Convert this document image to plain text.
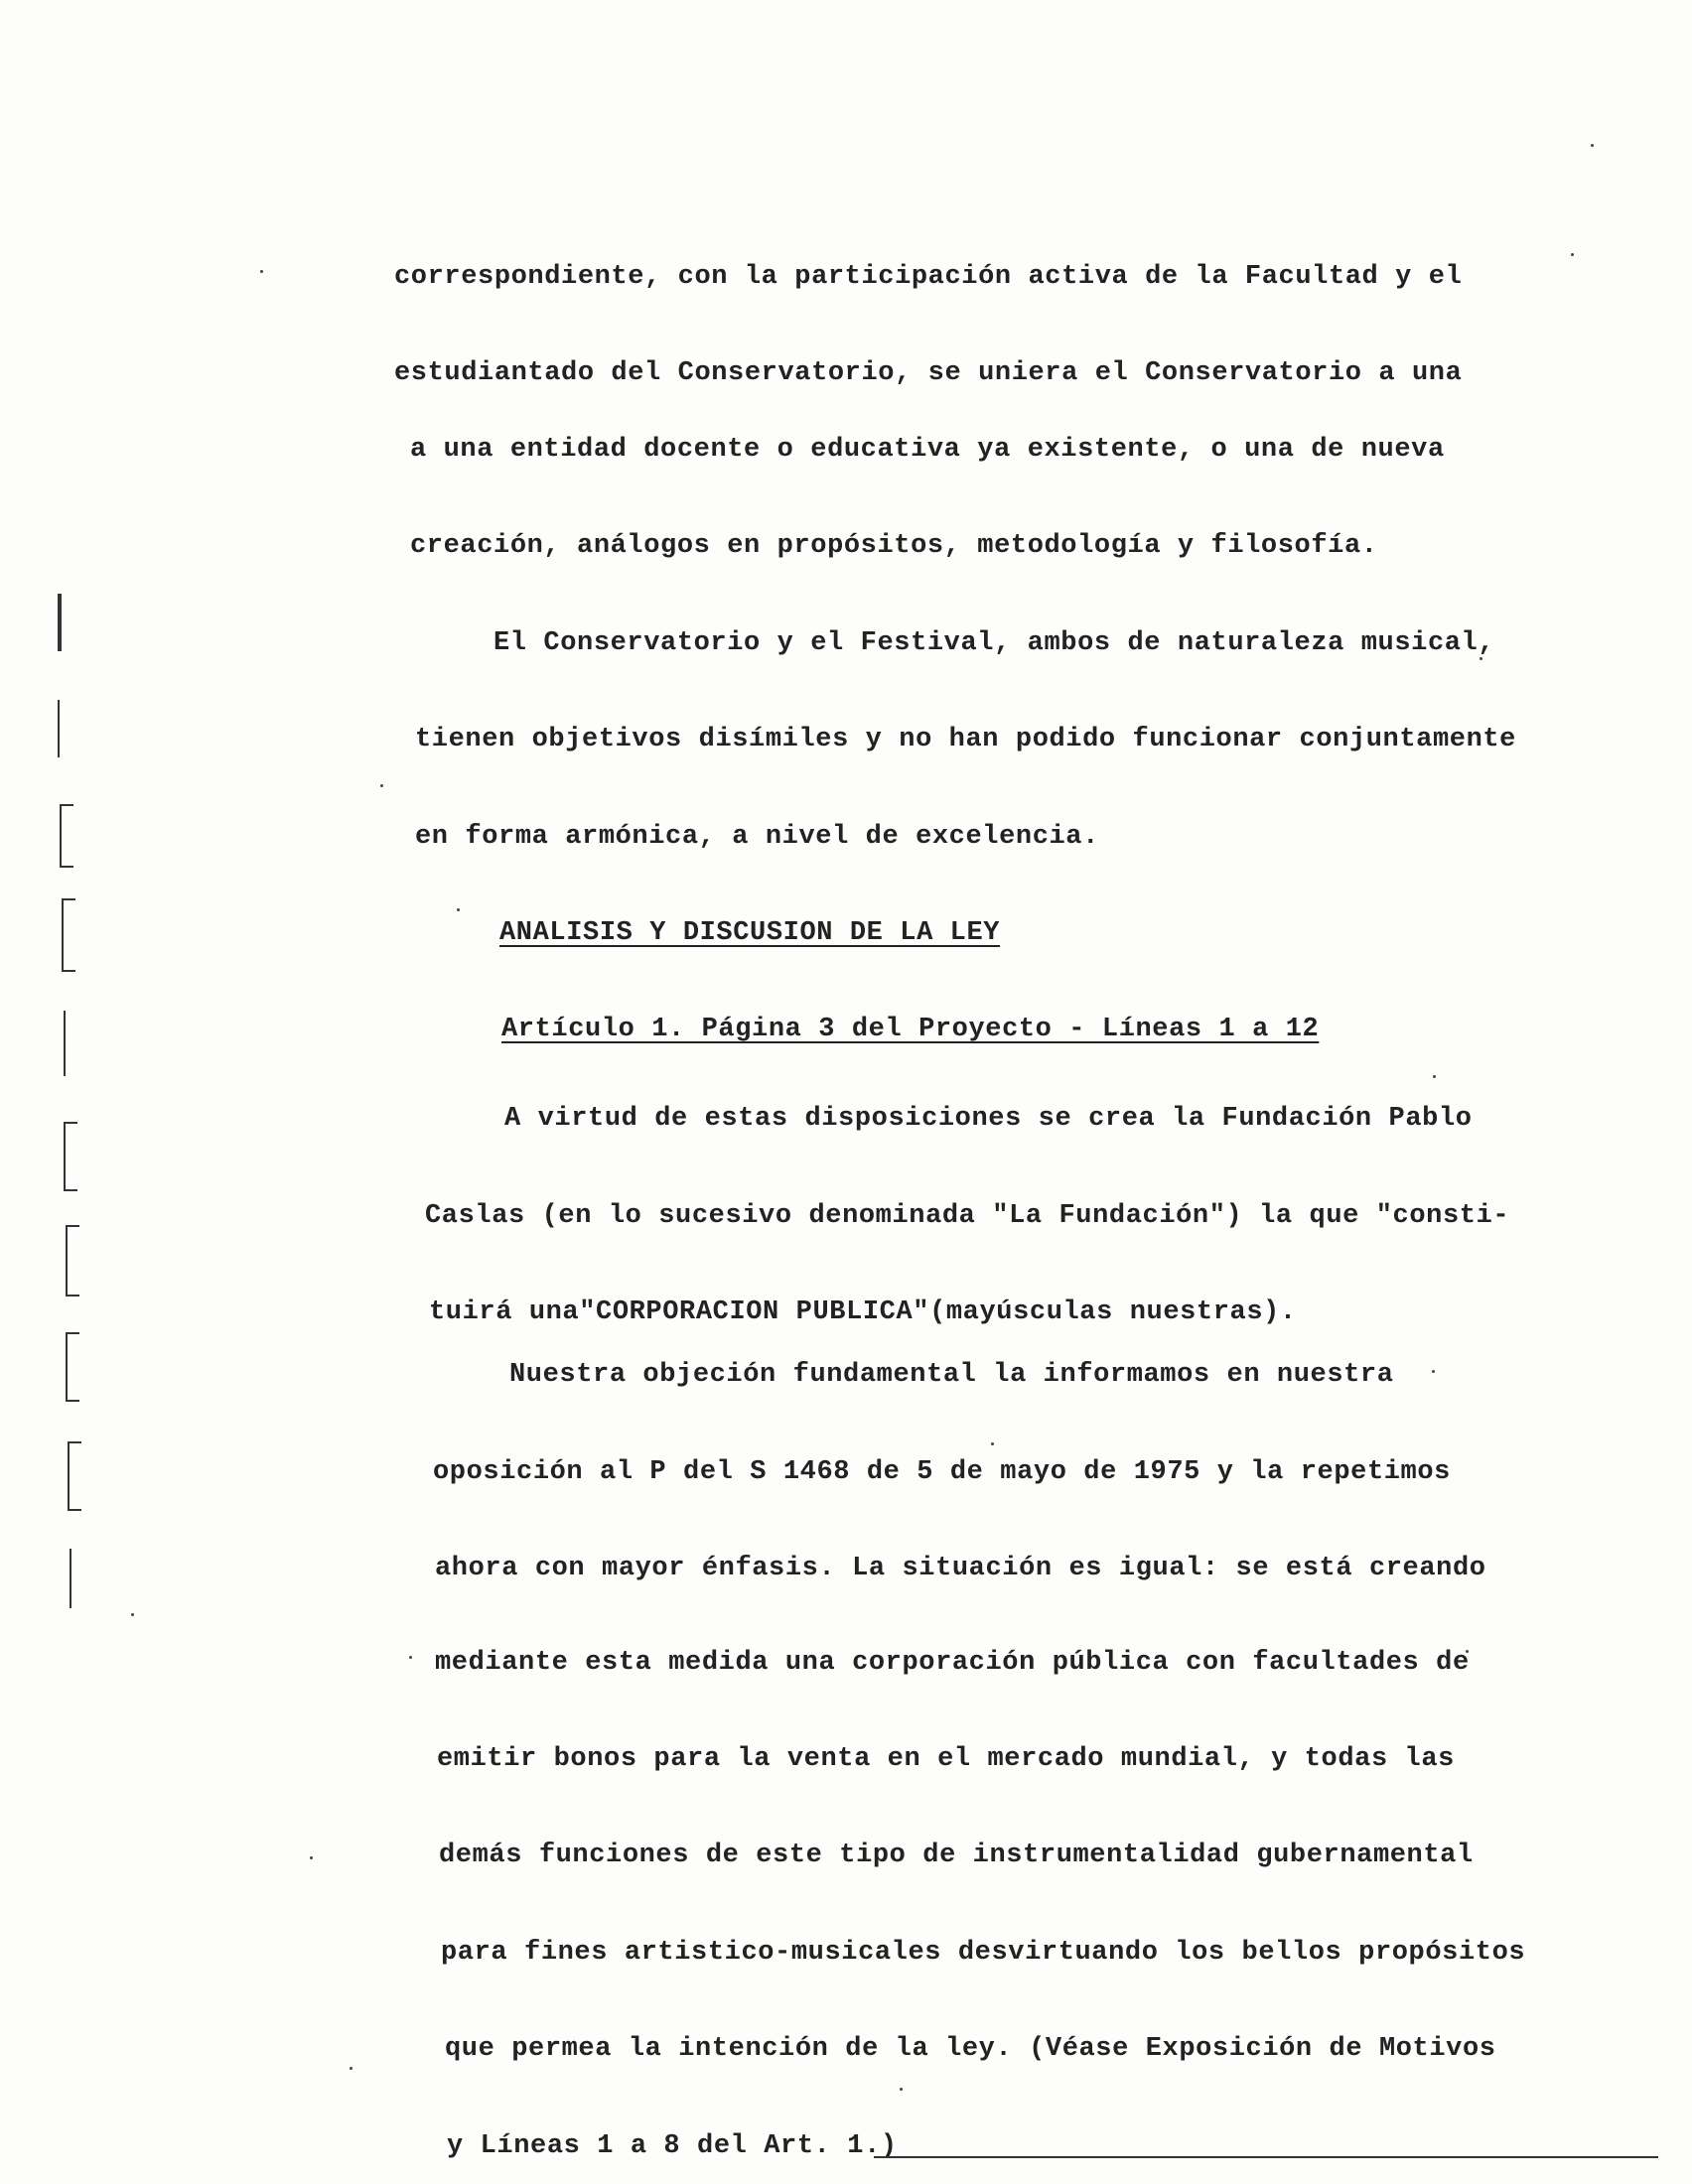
correspondiente, con la participación activa de la Facultad y el
estudiantado del Conservatorio, se uniera el Conservatorio a una
a una entidad docente o educativa ya existente, o una de nueva
creación, análogos en propósitos, metodología y filosofía.
El Conservatorio y el Festival, ambos de naturaleza musical,
tienen objetivos disímiles y no han podido funcionar conjuntamente
en forma armónica, a nivel de excelencia.
ANALISIS Y DISCUSION DE LA LEY
Artículo 1. Página 3 del Proyecto - Líneas 1 a 12
A virtud de estas disposiciones se crea la Fundación Pablo
Caslas (en lo sucesivo denominada "La Fundación") la que "consti-
tuirá una"CORPORACION PUBLICA"(mayúsculas nuestras).
Nuestra objeción fundamental la informamos en nuestra
oposición al P del S 1468 de 5 de mayo de 1975 y la repetimos
ahora con mayor énfasis. La situación es igual: se está creando
mediante esta medida una corporación pública con facultades de
emitir bonos para la venta en el mercado mundial, y todas las
demás funciones de este tipo de instrumentalidad gubernamental
para fines artistico-musicales desvirtuando los bellos propósitos
que permea la intención de la ley. (Véase Exposición de Motivos
y Líneas 1 a 8 del Art. 1.)
